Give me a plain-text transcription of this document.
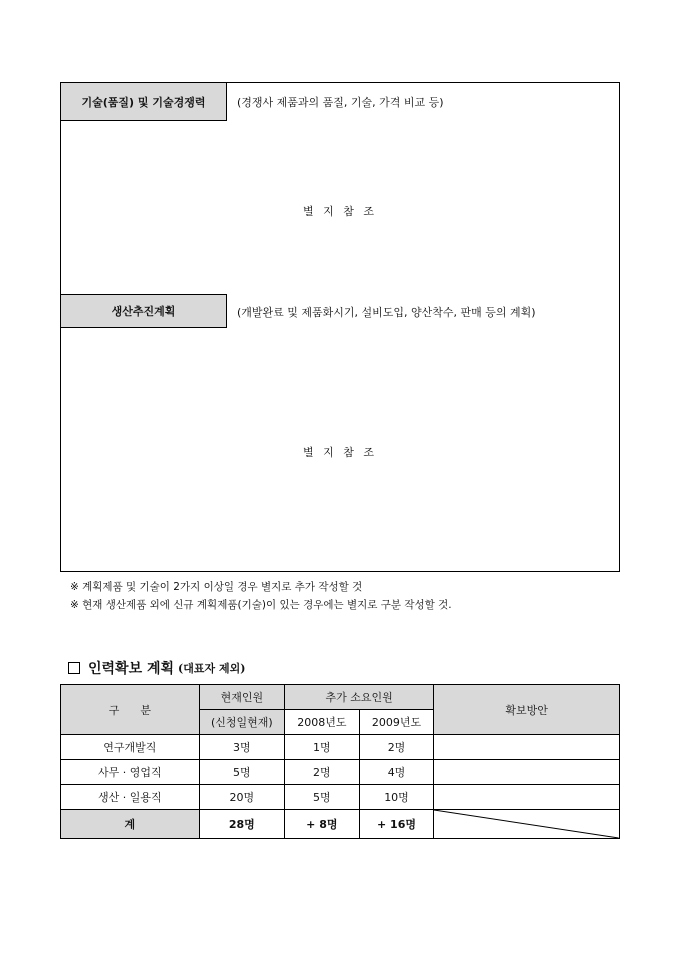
기술(품질) 및 기술경쟁력	(경쟁사 제품과의 품질, 기술, 가격 비교 등)
별 지 참 조
생산추진계획	(개발완료 및 제품화시기, 설비도입, 양산착수, 판매 등의 계획)
별 지 참 조
※ 계획제품 및 기술이 2가지 이상일 경우 별지로 추가 작성할 것
※ 현재 생산제품 외에 신규 계획제품(기술)이 있는 경우에는 별지로 구분 작성할 것.
인력확보 계획 (대표자 제외)
구      분	현재인원	추가 소요인원		확보방안
	(신청일현재)	2008년도	2009년도	
연구개발직	3명	1명	2명	
사무 · 영업직	5명	2명	4명	
생산 · 일용직	20명	5명	10명	
계	28명	+ 8명	+ 16명	
